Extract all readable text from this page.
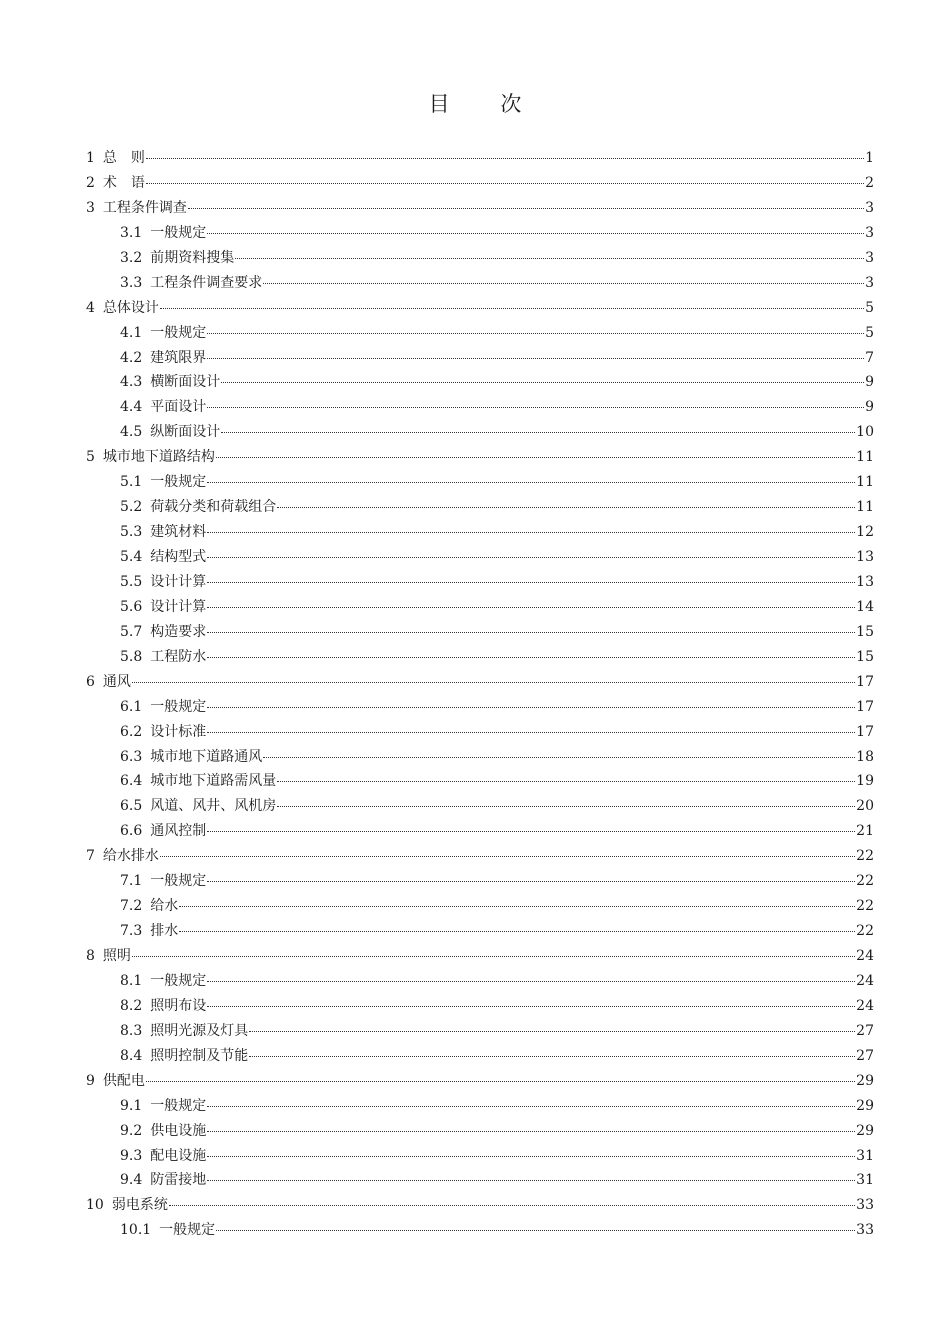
目 次
1 总　则	1
2 术　语	2
3 工程条件调查	3
3.1 一般规定	3
3.2 前期资料搜集	3
3.3 工程条件调查要求	3
4 总体设计	5
4.1 一般规定	5
4.2 建筑限界	7
4.3 横断面设计	9
4.4 平面设计	9
4.5 纵断面设计	10
5 城市地下道路结构	11
5.1 一般规定	11
5.2 荷载分类和荷载组合	11
5.3 建筑材料	12
5.4 结构型式	13
5.5 设计计算	13
5.6 设计计算	14
5.7 构造要求	15
5.8 工程防水	15
6 通风	17
6.1 一般规定	17
6.2 设计标准	17
6.3 城市地下道路通风	18
6.4 城市地下道路需风量	19
6.5 风道、风井、风机房	20
6.6 通风控制	21
7 给水排水	22
7.1 一般规定	22
7.2 给水	22
7.3 排水	22
8 照明	24
8.1 一般规定	24
8.2 照明布设	24
8.3 照明光源及灯具	27
8.4 照明控制及节能	27
9 供配电	29
9.1 一般规定	29
9.2 供电设施	29
9.3 配电设施	31
9.4 防雷接地	31
10 弱电系统	33
10.1 一般规定	33
